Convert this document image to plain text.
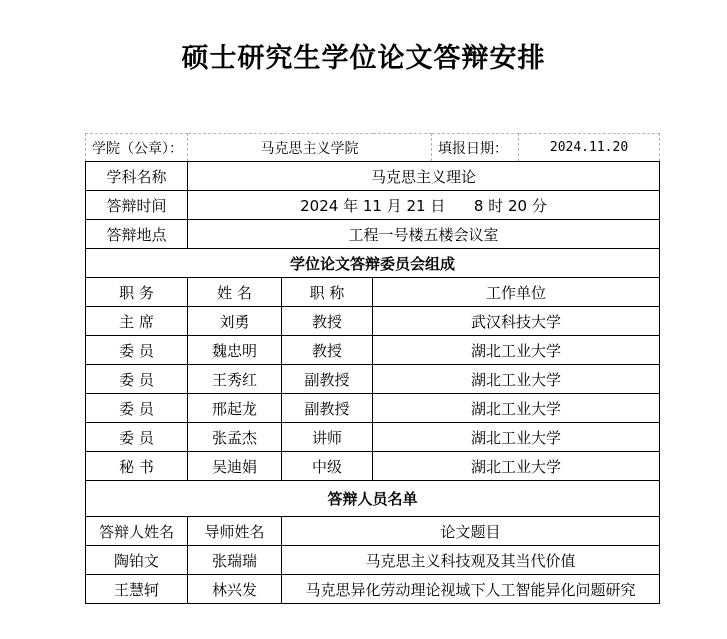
硕士研究生学位论文答辩安排
学院（公章）：	马克思主义学院			填报日期：	2024.11.20
学科名称	马克思主义理论				
答辩时间	2024 年 11 月 21 日      8 时 20 分				
答辩地点	工程一号楼五楼会议室				
学位论文答辩委员会组成					
职 务	姓 名	职 称	工作单位		
主 席	刘勇	教授	武汉科技大学		
委 员	魏忠明	教授	湖北工业大学		
委 员	王秀红	副教授	湖北工业大学		
委 员	邢起龙	副教授	湖北工业大学		
委 员	张孟杰	讲师	湖北工业大学		
秘 书	吴迪娟	中级	湖北工业大学		
答辩人员名单					
答辩人姓名	导师姓名	论文题目			
陶铂文	张瑞瑞	马克思主义科技观及其当代价值			
王慧轲	林兴发	马克思异化劳动理论视域下人工智能异化问题研究			
